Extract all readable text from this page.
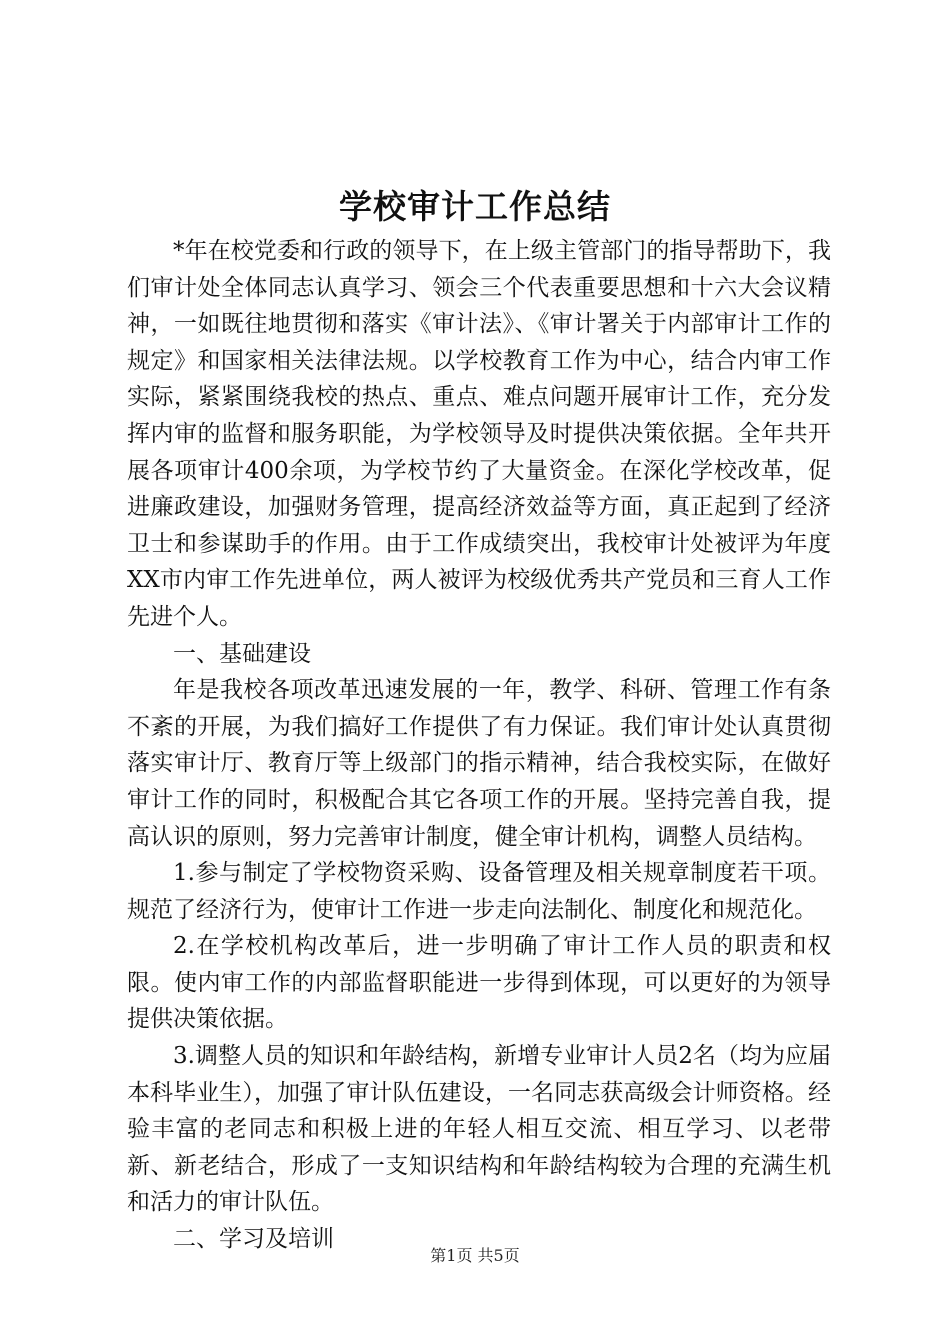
学校审计工作总结

*年在校党委和行政的领导下，在上级主管部门的指导帮助下，我们审计处全体同志认真学习、领会三个代表重要思想和十六大会议精神，一如既往地贯彻和落实《审计法》、《审计署关于内部审计工作的规定》和国家相关法律法规。以学校教育工作为中心，结合内审工作实际，紧紧围绕我校的热点、重点、难点问题开展审计工作，充分发挥内审的监督和服务职能，为学校领导及时提供决策依据。全年共开展各项审计400余项，为学校节约了大量资金。在深化学校改革，促进廉政建设，加强财务管理，提高经济效益等方面，真正起到了经济卫士和参谋助手的作用。由于工作成绩突出，我校审计处被评为年度XX市内审工作先进单位，两人被评为校级优秀共产党员和三育人工作先进个人。

一、基础建设

年是我校各项改革迅速发展的一年，教学、科研、管理工作有条不紊的开展，为我们搞好工作提供了有力保证。我们审计处认真贯彻落实审计厅、教育厅等上级部门的指示精神，结合我校实际，在做好审计工作的同时，积极配合其它各项工作的开展。坚持完善自我，提高认识的原则，努力完善审计制度，健全审计机构，调整人员结构。

1.参与制定了学校物资采购、设备管理及相关规章制度若干项。规范了经济行为，使审计工作进一步走向法制化、制度化和规范化。

2.在学校机构改革后，进一步明确了审计工作人员的职责和权限。使内审工作的内部监督职能进一步得到体现，可以更好的为领导提供决策依据。

3.调整人员的知识和年龄结构，新增专业审计人员2名（均为应届本科毕业生），加强了审计队伍建设，一名同志获高级会计师资格。经验丰富的老同志和积极上进的年轻人相互交流、相互学习、以老带新、新老结合，形成了一支知识结构和年龄结构较为合理的充满生机和活力的审计队伍。

二、学习及培训

第1页 共5页
